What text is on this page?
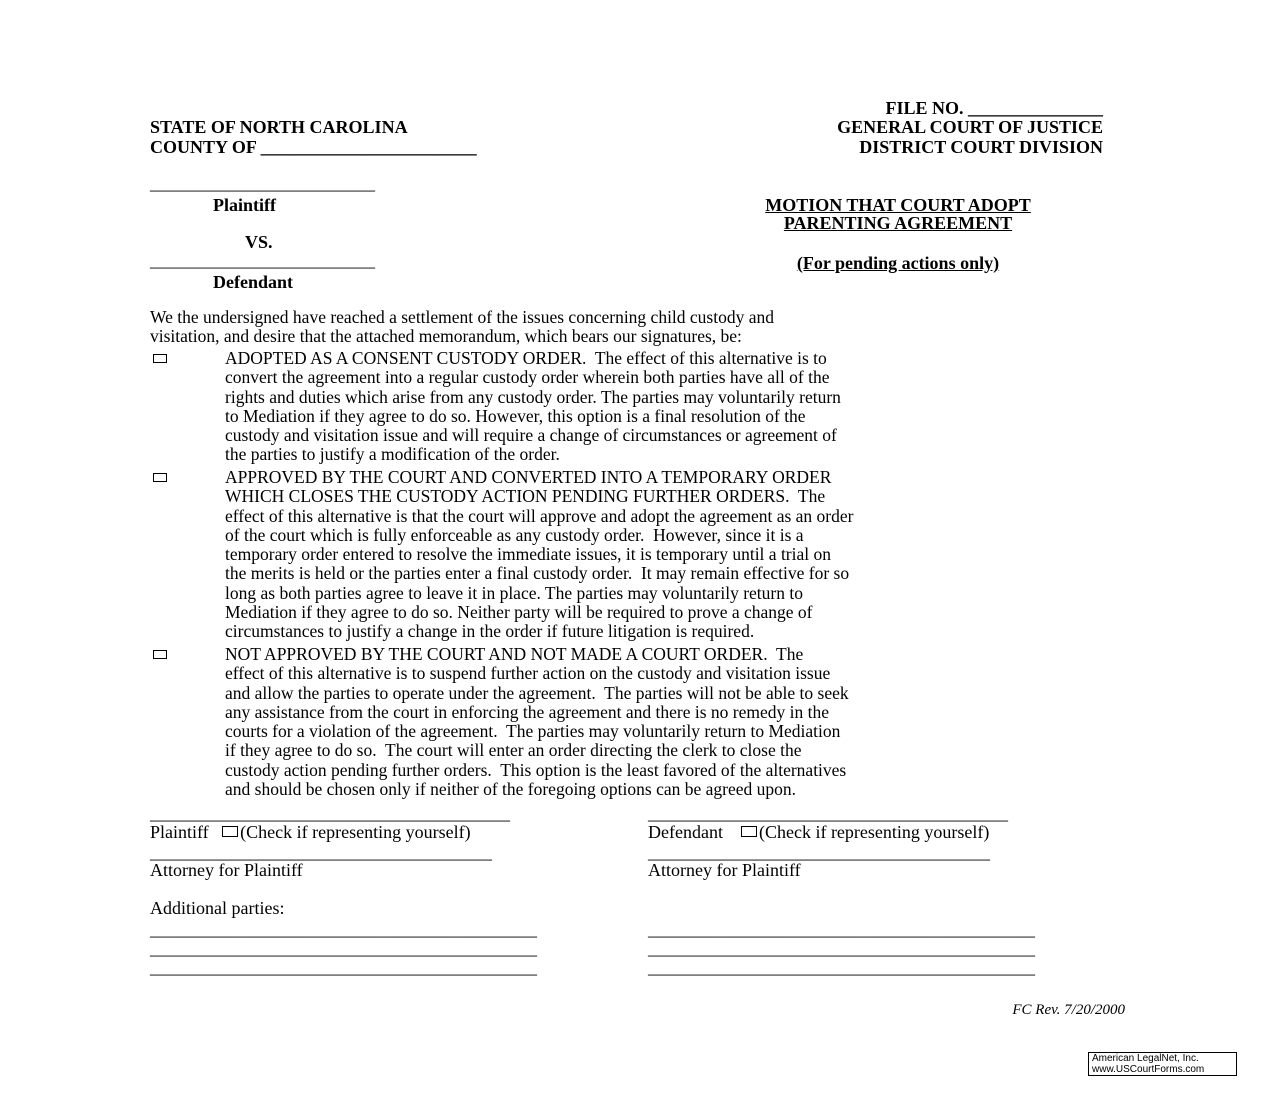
FILE NO. _______________
STATE OF NORTH CAROLINA
COUNTY OF ________________________
GENERAL COURT OF JUSTICE
DISTRICT COURT DIVISION
_________________________
Plaintiff
VS.
_________________________
Defendant
MOTION THAT COURT ADOPT
PARENTING AGREEMENT
(For pending actions only)
We the undersigned have reached a settlement of the issues concerning child custody and
visitation, and desire that the attached memorandum, which bears our signatures, be:
ADOPTED AS A CONSENT CUSTODY ORDER.  The effect of this alternative is to
convert the agreement into a regular custody order wherein both parties have all of the
rights and duties which arise from any custody order. The parties may voluntarily return
to Mediation if they agree to do so. However, this option is a final resolution of the
custody and visitation issue and will require a change of circumstances or agreement of
the parties to justify a modification of the order.
APPROVED BY THE COURT AND CONVERTED INTO A TEMPORARY ORDER
WHICH CLOSES THE CUSTODY ACTION PENDING FURTHER ORDERS.  The
effect of this alternative is that the court will approve and adopt the agreement as an order
of the court which is fully enforceable as any custody order.  However, since it is a
temporary order entered to resolve the immediate issues, it is temporary until a trial on
the merits is held or the parties enter a final custody order.  It may remain effective for so
long as both parties agree to leave it in place. The parties may voluntarily return to
Mediation if they agree to do so. Neither party will be required to prove a change of
circumstances to justify a change in the order if future litigation is required.
NOT APPROVED BY THE COURT AND NOT MADE A COURT ORDER.  The
effect of this alternative is to suspend further action on the custody and visitation issue
and allow the parties to operate under the agreement.  The parties will not be able to seek
any assistance from the court in enforcing the agreement and there is no remedy in the
courts for a violation of the agreement.  The parties may voluntarily return to Mediation
if they agree to do so.  The court will enter an order directing the clerk to close the
custody action pending further orders.  This option is the least favored of the alternatives
and should be chosen only if neither of the foregoing options can be agreed upon.
________________________________________
Plaintiff (Check if representing yourself)
________________________________________
Defendant (Check if representing yourself)
______________________________________
Attorney for Plaintiff
______________________________________
Attorney for Plaintiff
Additional parties:
___________________________________________
___________________________________________
___________________________________________
___________________________________________
___________________________________________
___________________________________________
FC Rev. 7/20/2000
American LegalNet, Inc.
www.USCourtForms.com
